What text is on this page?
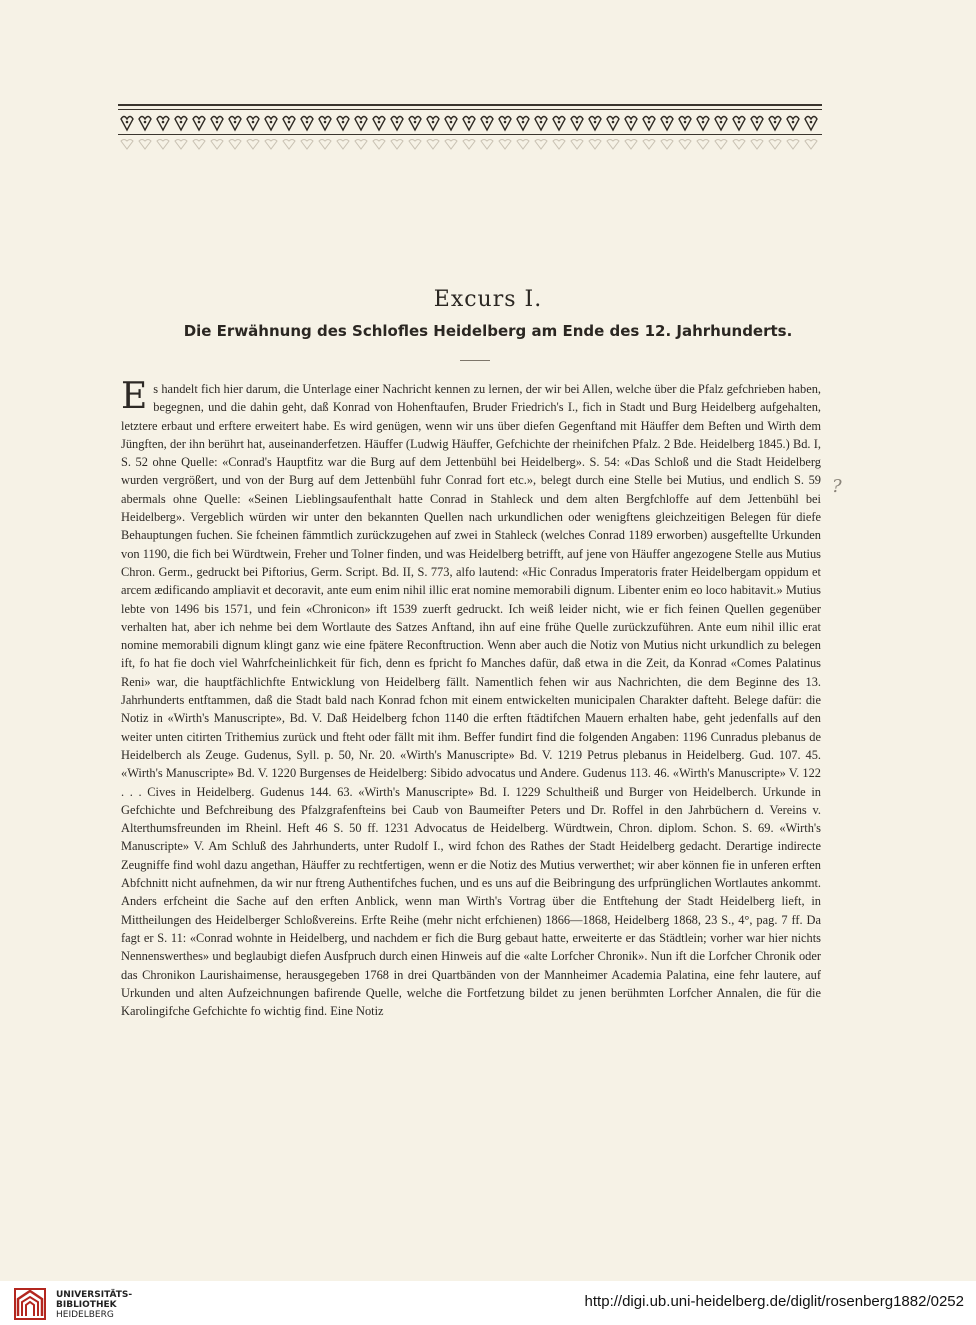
Excurs I.
Die Erwähnung des Schlofles Heidelberg am Ende des 12. Jahrhunderts.

Es handelt fich hier darum, die Unterlage einer Nachricht kennen zu lernen, der wir bei Allen, welche über die Pfalz gefchrieben haben, begegnen, und die dahin geht, daß Konrad von Hohenftaufen, Bruder Friedrich's I., fich in Stadt und Burg Heidelberg aufgehalten, letztere erbaut und erftere erweitert habe. Es wird genügen, wenn wir uns über diefen Gegenftand mit Häuffer dem Beften und Wirth dem Jüngften, der ihn berührt hat, auseinanderfetzen. Häuffer (Ludwig Häuffer, Gefchichte der rheinifchen Pfalz. 2 Bde. Heidelberg 1845.) Bd. I, S. 52 ohne Quelle: «Conrad's Hauptfitz war die Burg auf dem Jettenbühl bei Heidelberg». S. 54: «Das Schloß und die Stadt Heidelberg wurden vergrößert, und von der Burg auf dem Jettenbühl fuhr Conrad fort etc.», belegt durch eine Stelle bei Mutius, und endlich S. 59 abermals ohne Quelle: «Seinen Lieblingsaufenthalt hatte Conrad in Stahleck und dem alten Bergfchloffe auf dem Jettenbühl bei Heidelberg». Vergeblich würden wir unter den bekannten Quellen nach urkundlichen oder wenigftens gleichzeitigen Belegen für diefe Behauptungen fuchen. Sie fcheinen fämmtlich zurückzugehen auf zwei in Stahleck (welches Conrad 1189 erworben) ausgeftellte Urkunden von 1190, die fich bei Würdtwein, Freher und Tolner finden, und was Heidelberg betrifft, auf jene von Häuffer angezogene Stelle aus Mutius Chron. Germ., gedruckt bei Piftorius, Germ. Script. Bd. II, S. 773, alfo lautend: «Hic Conradus Imperatoris frater Heidelbergam oppidum et arcem ædificando ampliavit et decoravit, ante eum enim nihil illic erat nomine memorabili dignum. Libenter enim eo loco habitavit.» Mutius lebte von 1496 bis 1571, und fein «Chronicon» ift 1539 zuerft gedruckt. Ich weiß leider nicht, wie er fich feinen Quellen gegenüber verhalten hat, aber ich nehme bei dem Wortlaute des Satzes Anftand, ihn auf eine frühe Quelle zurückzuführen. Ante eum nihil illic erat nomine memorabili dignum klingt ganz wie eine fpätere Reconftruction. Wenn aber auch die Notiz von Mutius nicht urkundlich zu belegen ift, fo hat fie doch viel Wahrfcheinlichkeit für fich, denn es fpricht fo Manches dafür, daß etwa in die Zeit, da Konrad «Comes Palatinus Reni» war, die hauptfächlichfte Entwicklung von Heidelberg fällt. Namentlich fehen wir aus Nachrichten, die dem Beginne des 13. Jahrhunderts entftammen, daß die Stadt bald nach Konrad fchon mit einem entwickelten municipalen Charakter dafteht. Belege dafür: die Notiz in «Wirth's Manuscripte», Bd. V. Daß Heidelberg fchon 1140 die erften ftädtifchen Mauern erhalten habe, geht jedenfalls auf den weiter unten citirten Trithemius zurück und fteht oder fällt mit ihm. Beffer fundirt find die folgenden Angaben: 1196 Cunradus plebanus de Heidelberch als Zeuge. Gudenus, Syll. p. 50, Nr. 20. «Wirth's Manuscripte» Bd. V. 1219 Petrus plebanus in Heidelberg. Gud. 107. 45. «Wirth's Manuscripte» Bd. V. 1220 Burgenses de Heidelberg: Sibido advocatus und Andere. Gudenus 113. 46. «Wirth's Manuscripte» V. 122 . . . Cives in Heidelberg. Gudenus 144. 63. «Wirth's Manuscripte» Bd. I. 1229 Schultheiß und Burger von Heidelberch. Urkunde in Gefchichte und Befchreibung des Pfalzgrafenfteins bei Caub von Baumeifter Peters und Dr. Roffel in den Jahrbüchern d. Vereins v. Alterthumsfreunden im Rheinl. Heft 46 S. 50 ff. 1231 Advocatus de Heidelberg. Würdtwein, Chron. diplom. Schon. S. 69. «Wirth's Manuscripte» V. Am Schluß des Jahrhunderts, unter Rudolf I., wird fchon des Rathes der Stadt Heidelberg gedacht. Derartige indirecte Zeugniffe find wohl dazu angethan, Häuffer zu rechtfertigen, wenn er die Notiz des Mutius verwerthet; wir aber können fie in unferen erften Abfchnitt nicht aufnehmen, da wir nur ftreng Authentifches fuchen, und es uns auf die Beibringung des urfprünglichen Wortlautes ankommt. Anders erfcheint die Sache auf den erften Anblick, wenn man Wirth's Vortrag über die Entftehung der Stadt Heidelberg lieft, in Mittheilungen des Heidelberger Schloßvereins. Erfte Reihe (mehr nicht erfchienen) 1866—1868, Heidelberg 1868, 23 S., 4°, pag. 7 ff. Da fagt er S. 11: «Conrad wohnte in Heidelberg, und nachdem er fich die Burg gebaut hatte, erweiterte er das Städtlein; vorher war hier nichts Nennenswerthes» und beglaubigt diefen Ausfpruch durch einen Hinweis auf die «alte Lorfcher Chronik». Nun ift die Lorfcher Chronik oder das Chronikon Laurishaimense, herausgegeben 1768 in drei Quartbänden von der Mannheimer Academia Palatina, eine fehr lautere, auf Urkunden und alten Aufzeichnungen bafirende Quelle, welche die Fortfetzung bildet zu jenen berühmten Lorfcher Annalen, die für die Karolingifche Gefchichte fo wichtig find. Eine Notiz

?
UNIVERSITÄTS-
BIBLIOTHEK
HEIDELBERG
http://digi.ub.uni-heidelberg.de/diglit/rosenberg1882/0252
